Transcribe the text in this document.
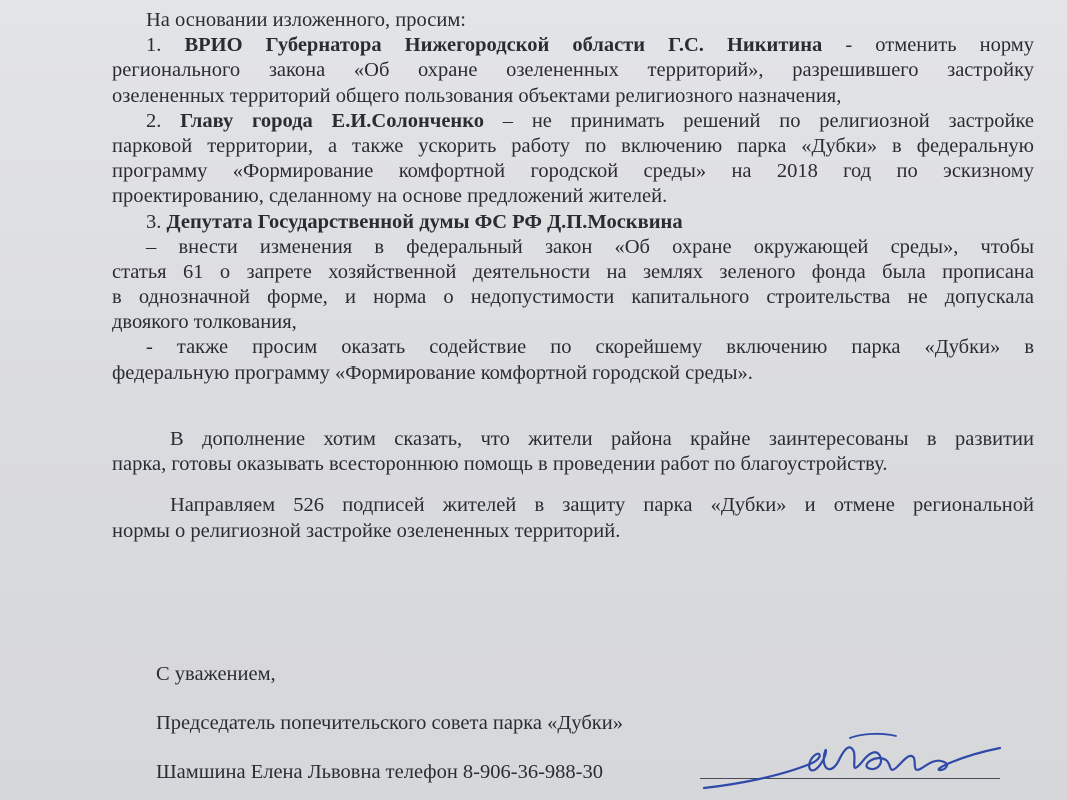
На основании изложенного, просим:
1. ВРИО Губернатора Нижегородской области Г.С. Никитина - отменить норму
регионального закона «Об охране озелененных территорий», разрешившего застройку
озелененных территорий общего пользования объектами религиозного назначения,
2. Главу города Е.И.Солонченко – не принимать решений по религиозной застройке
парковой территории, а также ускорить работу по включению парка «Дубки» в федеральную
программу «Формирование комфортной городской среды» на 2018 год по эскизному
проектированию, сделанному на основе предложений жителей.
3. Депутата Государственной думы ФС РФ Д.П.Москвина
– внести изменения в федеральный закон «Об охране окружающей среды», чтобы
статья 61 о запрете хозяйственной деятельности на землях зеленого фонда была прописана
в однозначной форме, и норма о недопустимости капитального строительства не допускала
двоякого толкования,
- также просим оказать содействие по скорейшему включению парка «Дубки» в
федеральную программу «Формирование комфортной городской среды».
В дополнение хотим сказать, что жители района крайне заинтересованы в развитии
парка, готовы оказывать всестороннюю помощь в проведении работ по благоустройству.
Направляем 526 подписей жителей в защиту парка «Дубки» и отмене региональной
нормы о религиозной застройке озелененных территорий.
С уважением,
Председатель попечительского совета парка «Дубки»
Шамшина Елена Львовна телефон 8-906-36-988-30
